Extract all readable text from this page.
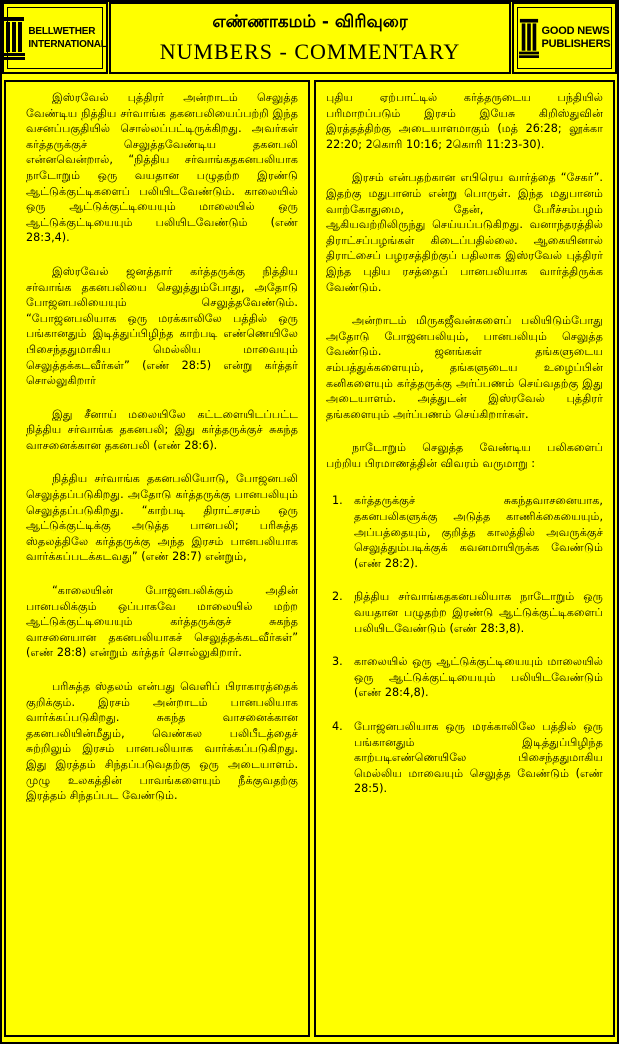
BELLWETHER
INTERNATIONAL
எண்ணாகமம் - விரிவுரை
NUMBERS - COMMENTARY
GOOD NEWS
PUBLISHERS

இஸ்ரவேல் புத்திரர் அன்றாடம் செலுத்த வேண்டிய நித்திய சர்வாங்க தகனபலியைப்பற்றி இந்த வசனப்பகுதியில் சொல்லப்பட்டிருக்கிறது. அவர்கள் கர்த்தருக்குச் செலுத்தவேண்டிய தகனபலி என்னவென்றால், “நித்திய சர்வாங்கதகனபலியாக நாடோறும் ஒரு வயதான பழுதற்ற இரண்டு ஆட்டுக்குட்டிகளைப் பலியிடவேண்டும். காலையில் ஒரு ஆட்டுக்குட்டியையும் மாலையில் ஒரு ஆட்டுக்குட்டியையும் பலியிடவேண்டும் (எண் 28:3,4).

இஸ்ரவேல் ஜனத்தார் கர்த்தருக்கு நித்திய சர்வாங்க தகனபலியை செலுத்தும்போது, அதோடு போஜனபலியையும் செலுத்தவேண்டும். “போஜனபலியாக ஒரு மரக்காலிலே பத்தில் ஒரு பங்கானதும் இடித்துப்பிழிந்த காற்படி எண்ணெயிலே பிசைந்ததுமாகிய மெல்லிய மாவையும் செலுத்தக்கடவீர்கள்” (எண் 28:5) என்று கர்த்தர் சொல்லுகிறார்

இது சீனாய் மலையிலே கட்டளையிடப்பட்ட நித்திய சர்வாங்க தகனபலி; இது கர்த்தருக்குச் சுகந்த வாசனைக்கான தகனபலி (எண் 28:6).

நித்திய சர்வாங்க தகனபலியோடு, போஜனபலி செலுத்தப்படுகிறது. அதோடு கர்த்தருக்கு பானபலியும் செலுத்தப்படுகிறது. “காற்படி திராட்சரசம் ஒரு ஆட்டுக்குட்டிக்கு அடுத்த பானபலி; பரிசுத்த ஸ்தலத்திலே கர்த்தருக்கு அந்த இரசம் பானபலியாக வார்க்கப்படக்கடவது” (எண் 28:7) என்றும்,

“காலையின் போஜனபலிக்கும் அதின் பானபலிக்கும் ஒப்பாகவே மாலையில் மற்ற ஆட்டுக்குட்டியையும் கர்த்தருக்குச் சுகந்த வாசனையான தகனபலியாகச் செலுத்தக்கடவீர்கள்” (எண் 28:8) என்றும் கர்த்தர் சொல்லுகிறார்.

பரிசுத்த ஸ்தலம் என்பது வெளிப் பிராகாரத்தைக் குறிக்கும். இரசம் அன்றாடம் பானபலியாக வார்க்கப்படுகிறது. சுகந்த வாசனைக்கான தகனபலியின்மீதும், வெண்கல பலிபீடத்தைச் சுற்றிலும் இரசம் பானபலியாக வார்க்கப்படுகிறது. இது இரத்தம் சிந்தப்படுவதற்கு ஒரு அடையாளம். முழு உலகத்தின் பாவங்களையும் நீக்குவதற்கு இரத்தம் சிந்தப்பட வேண்டும்.

புதிய ஏற்பாட்டில் கர்த்தருடைய பந்தியில் பரிமாறப்படும் இரசம் இயேசு கிறிஸ்துவின் இரத்தத்திற்கு அடையாளமாகும் (மத் 26:28; லூக்கா 22:20; 2கொரி 10:16; 2கொரி 11:23-30).

இரசம் என்பதற்கான எபிரெய வார்த்தை “சேகர்”. இதற்கு மதுபானம் என்று பொருள். இந்த மதுபானம் வாற்கோதுமை, தேன், பேரீச்சம்பழம் ஆகியவற்றிலிருந்து செய்யப்படுகிறது. வனாந்தரத்தில் திராட்சப்பழங்கள் கிடைப்பதில்லை. ஆகையினால் திராட்சைப் பழரசத்திற்குப் பதிலாக இஸ்ரவேல் புத்திரர் இந்த புதிய ரசத்தைப் பானபலியாக வார்த்திருக்க வேண்டும்.

அன்றாடம் மிருகஜீவன்களைப் பலியிடும்போது அதோடு போஜனபலியும், பானபலியும் செலுத்த வேண்டும். ஜனங்கள் தங்களுடைய சம்பத்துக்களையும், தங்களுடைய உழைப்பின் கனிகளையும் கர்த்தருக்கு அர்ப்பணம் செய்வதற்கு இது அடையாளம். அத்துடன் இஸ்ரவேல் புத்திரர் தங்களையும் அர்ப்பணம் செய்கிறார்கள்.

நாடோறும் செலுத்த வேண்டிய பலிகளைப் பற்றிய பிரமாணத்தின் விவரம் வருமாறு :

1. கர்த்தருக்குச் சுகந்தவாசனையாக, தகனபலிகளுக்கு அடுத்த காணிக்கையையும், அப்பத்தையும், குறித்த காலத்தில் அவருக்குச் செலுத்தும்படிக்குக் கவனமாயிருக்க வேண்டும் (எண் 28:2).
2. நித்திய சர்வாங்கதகனபலியாக நாடோறும் ஒரு வயதான பழுதற்ற இரண்டு ஆட்டுக்குட்டிகளைப் பலியிடவேண்டும் (எண் 28:3,8).
3. காலையில் ஒரு ஆட்டுக்குட்டியையும் மாலையில் ஒரு ஆட்டுக்குட்டியையும் பலியிடவேண்டும் (எண் 28:4,8).
4. போஜனபலியாக ஒரு மரக்காலிலே பத்தில் ஒரு பங்கானதும் இடித்துப்பிழிந்த காற்படிஎண்ணெயிலே பிசைந்ததுமாகிய மெல்லிய மாவையும் செலுத்த வேண்டும் (எண் 28:5).
